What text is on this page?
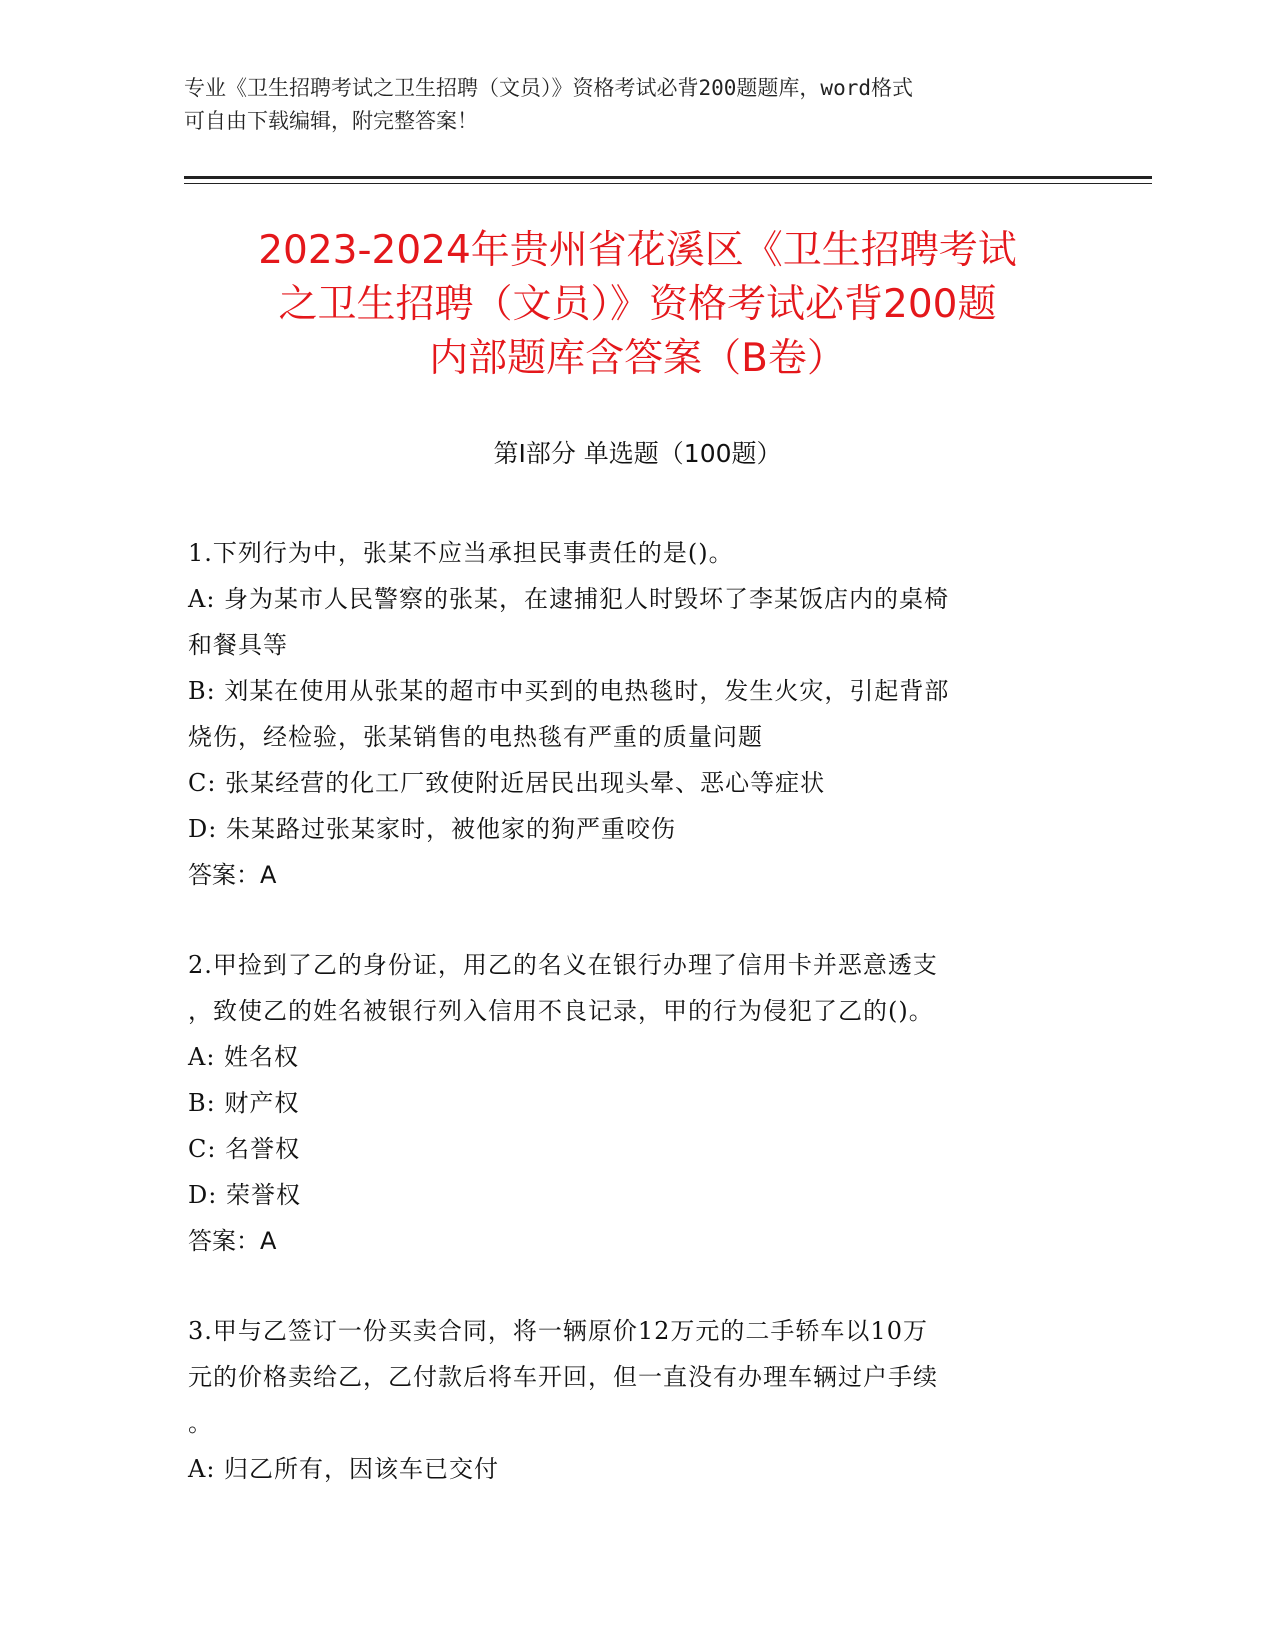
专业《卫生招聘考试之卫生招聘（文员）》资格考试必背200题题库，word格式
可自由下载编辑，附完整答案！
2023-2024年贵州省花溪区《卫生招聘考试
之卫生招聘（文员）》资格考试必背200题
内部题库含答案（B卷）
第Ⅰ部分 单选题（100题）
1.下列行为中，张某不应当承担民事责任的是()。
A: 身为某市人民警察的张某，在逮捕犯人时毁坏了李某饭店内的桌椅
和餐具等
B: 刘某在使用从张某的超市中买到的电热毯时，发生火灾，引起背部
烧伤，经检验，张某销售的电热毯有严重的质量问题
C: 张某经营的化工厂致使附近居民出现头晕、恶心等症状
D: 朱某路过张某家时，被他家的狗严重咬伤
答案：A
2.甲捡到了乙的身份证，用乙的名义在银行办理了信用卡并恶意透支
，致使乙的姓名被银行列入信用不良记录，甲的行为侵犯了乙的()。
A: 姓名权
B: 财产权
C: 名誉权
D: 荣誉权
答案：A
3.甲与乙签订一份买卖合同，将一辆原价12万元的二手轿车以10万
元的价格卖给乙，乙付款后将车开回，但一直没有办理车辆过户手续
。
A: 归乙所有，因该车已交付
